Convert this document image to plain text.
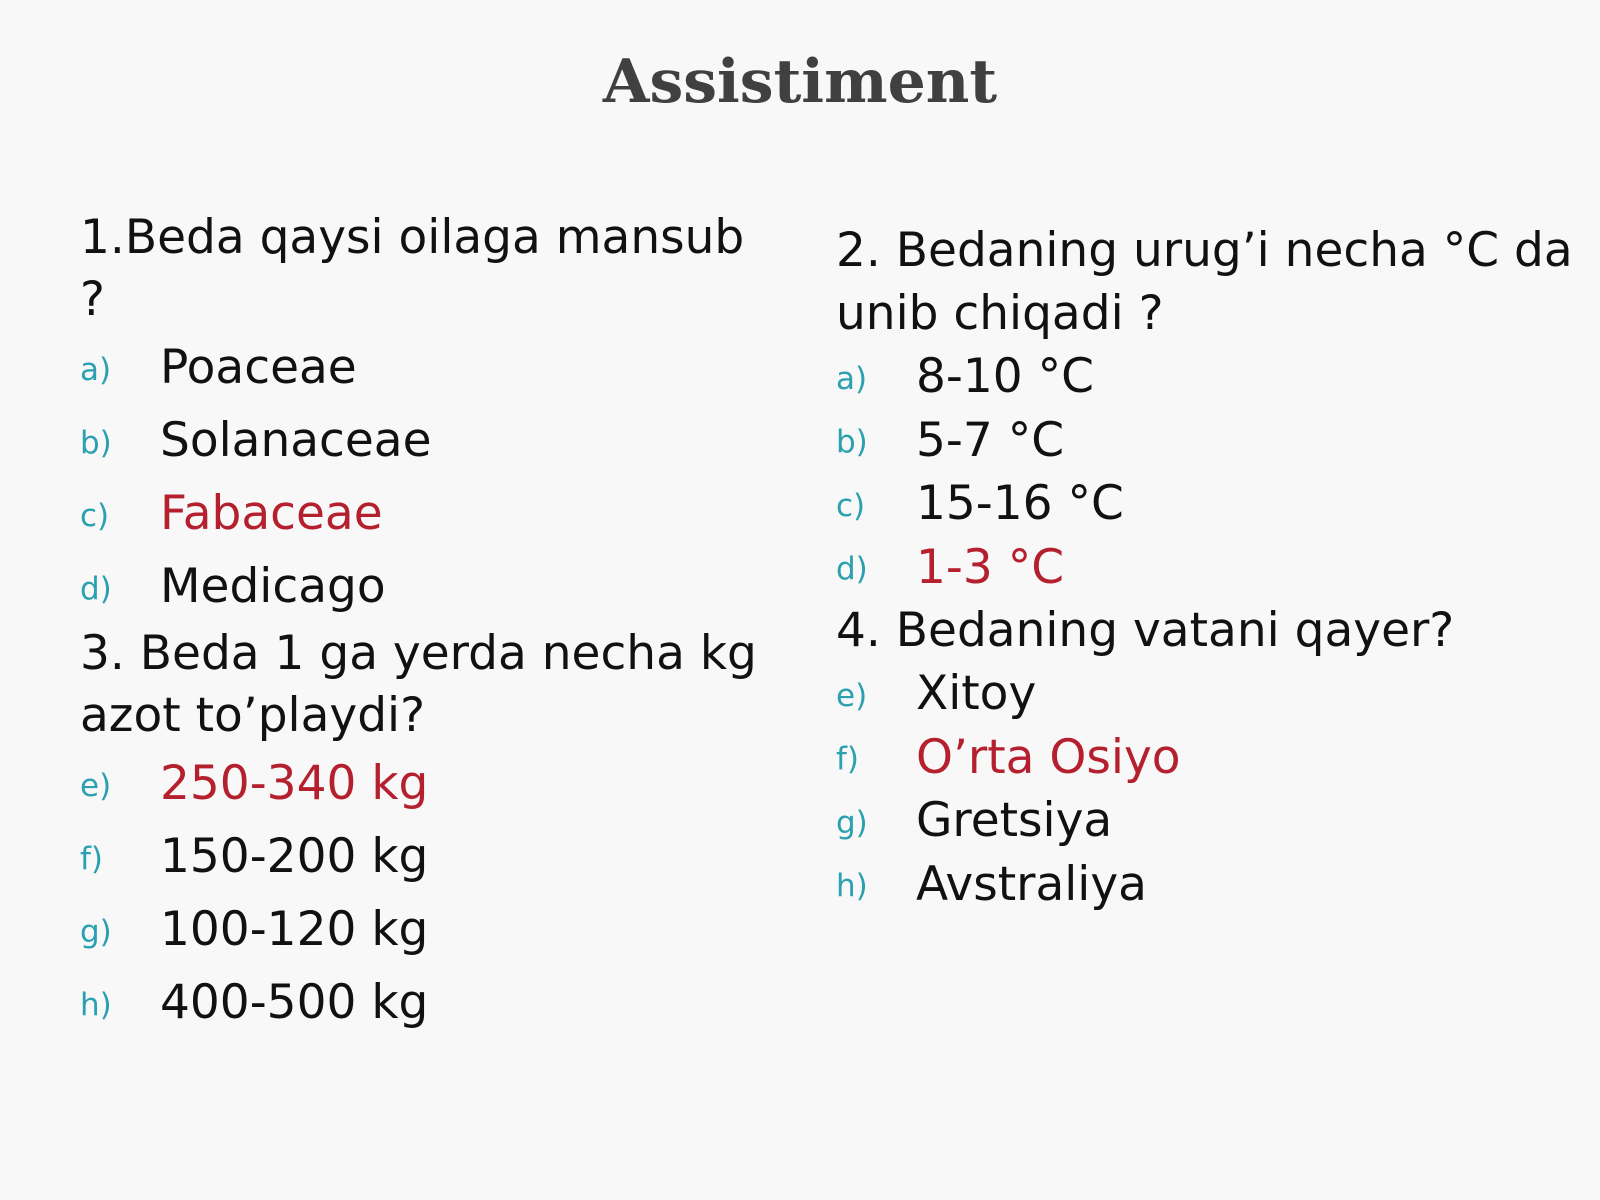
Assistiment

1.Beda qaysi oilaga mansub ?

a)	Poaceae
b)	Solanaceae
c)	Fabaceae
d)	Medicago

3. Beda 1 ga yerda necha kg azot to’playdi?

e)	250-340 kg
f)	150-200 kg
g)	100-120 kg
h)	400-500 kg

2. Bedaning urug’i necha °C da unib chiqadi ?

a)	8-10 °C
b)	5-7 °C
c)	15-16 °C
d)	1-3 °C

4. Bedaning vatani qayer?

e)	Xitoy
f)	O’rta Osiyo
g)	Gretsiya
h)	Avstraliya
